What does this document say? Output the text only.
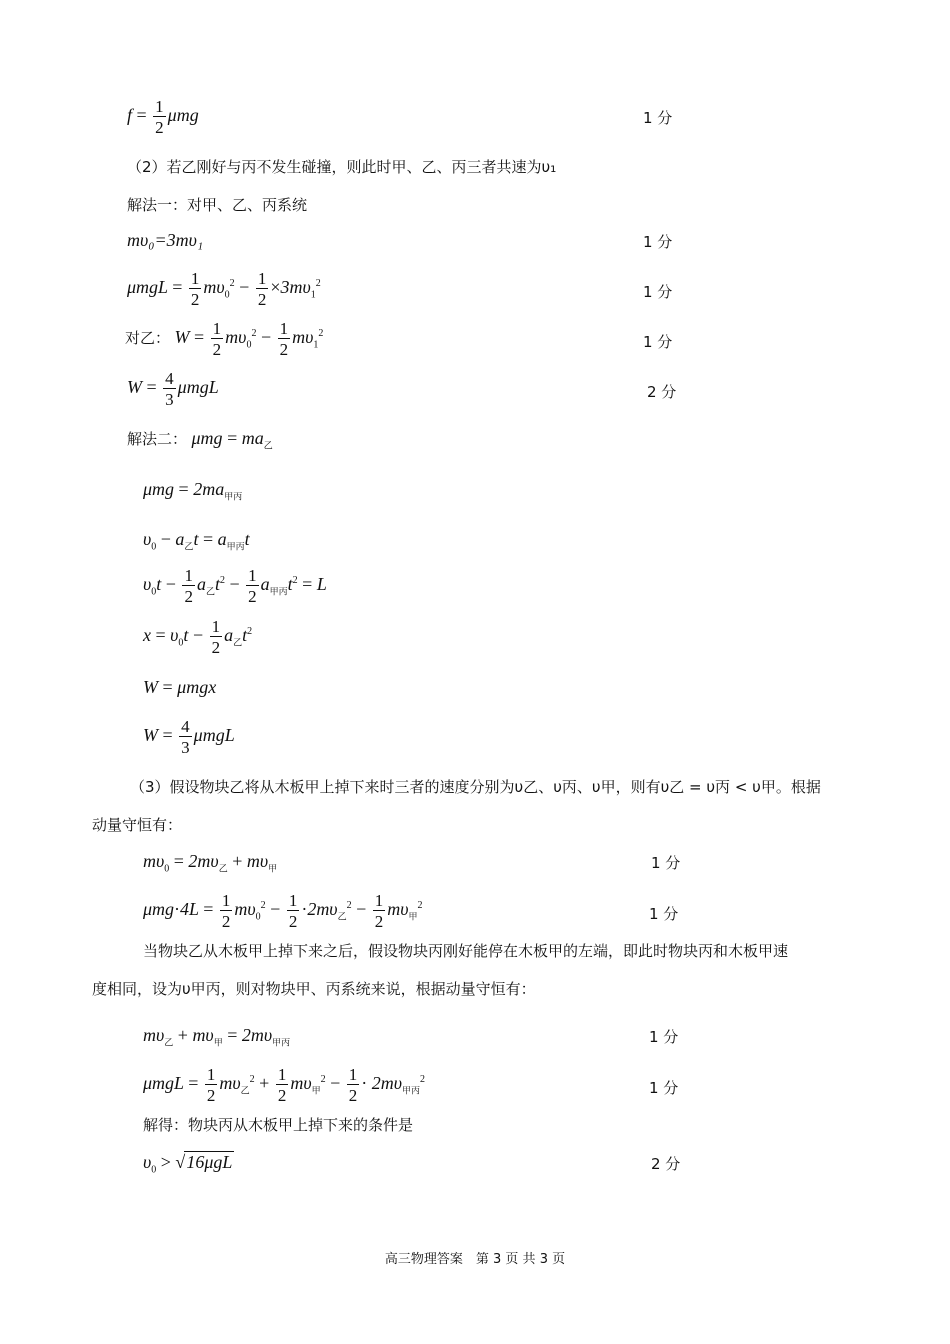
$f = \frac{1}{2}$ μmg	1 分
（2）若乙刚好与丙不发生碰撞，则此时甲、乙、丙三者共速为υ₁
解法一：对甲、乙、丙系统
mυ₀=3mυ₁	1 分
$\mu mgL = \frac{1}{2} m\upsilon_0^2 - \frac{1}{2} \times 3m\upsilon_1^2$	1 分
对乙： $W = \frac{1}{2} m\upsilon_0^2 - \frac{1}{2} m\upsilon_1^2$	1 分
$W = \frac{4}{3}$ μmgL	2 分
解法二： $\mu mg = ma_乙$
$\mu mg = 2ma_{甲丙}$
$\upsilon_0 - a_乙t = a_{甲丙}t$
$\upsilon_0t - \frac{1}{2} a_乙t^2 - \frac{1}{2} a_{甲丙}t^2 = L$
$x = \upsilon_0t - \frac{1}{2} a_乙t^2$
W = μmgx
$W = \frac{4}{3}$ μmgL
（3）假设物块乙将从木板甲上掉下来时三者的速度分别为υ乙、υ丙、υ甲，则有υ乙 = υ丙 < υ甲。根据
动量守恒有：
$m\upsilon_0 = 2m\upsilon_乙 + m\upsilon_甲$	1 分
$\mu mg\cdot 4L = \frac{1}{2} m\upsilon_0^2 - \frac{1}{2} \cdot 2m\upsilon_乙^2 - \frac{1}{2} m\upsilon_甲^2$	1 分
当物块乙从木板甲上掉下来之后，假设物块丙刚好能停在木板甲的左端，即此时物块丙和木板甲速
度相同，设为υ甲丙，则对物块甲、丙系统来说，根据动量守恒有：
$m\upsilon_乙 + m\upsilon_甲 = 2m\upsilon_{甲丙}$	1 分
$\mu mgL = \frac{1}{2} m\upsilon_乙^2 + \frac{1}{2} m\upsilon_甲^2 - \frac{1}{2} \cdot 2m\upsilon_{甲丙}^2$	1 分
解得：物块丙从木板甲上掉下来的条件是
$\upsilon_0 > √16\mu gL$	2 分
高三物理答案　第 3 页 共 3 页
